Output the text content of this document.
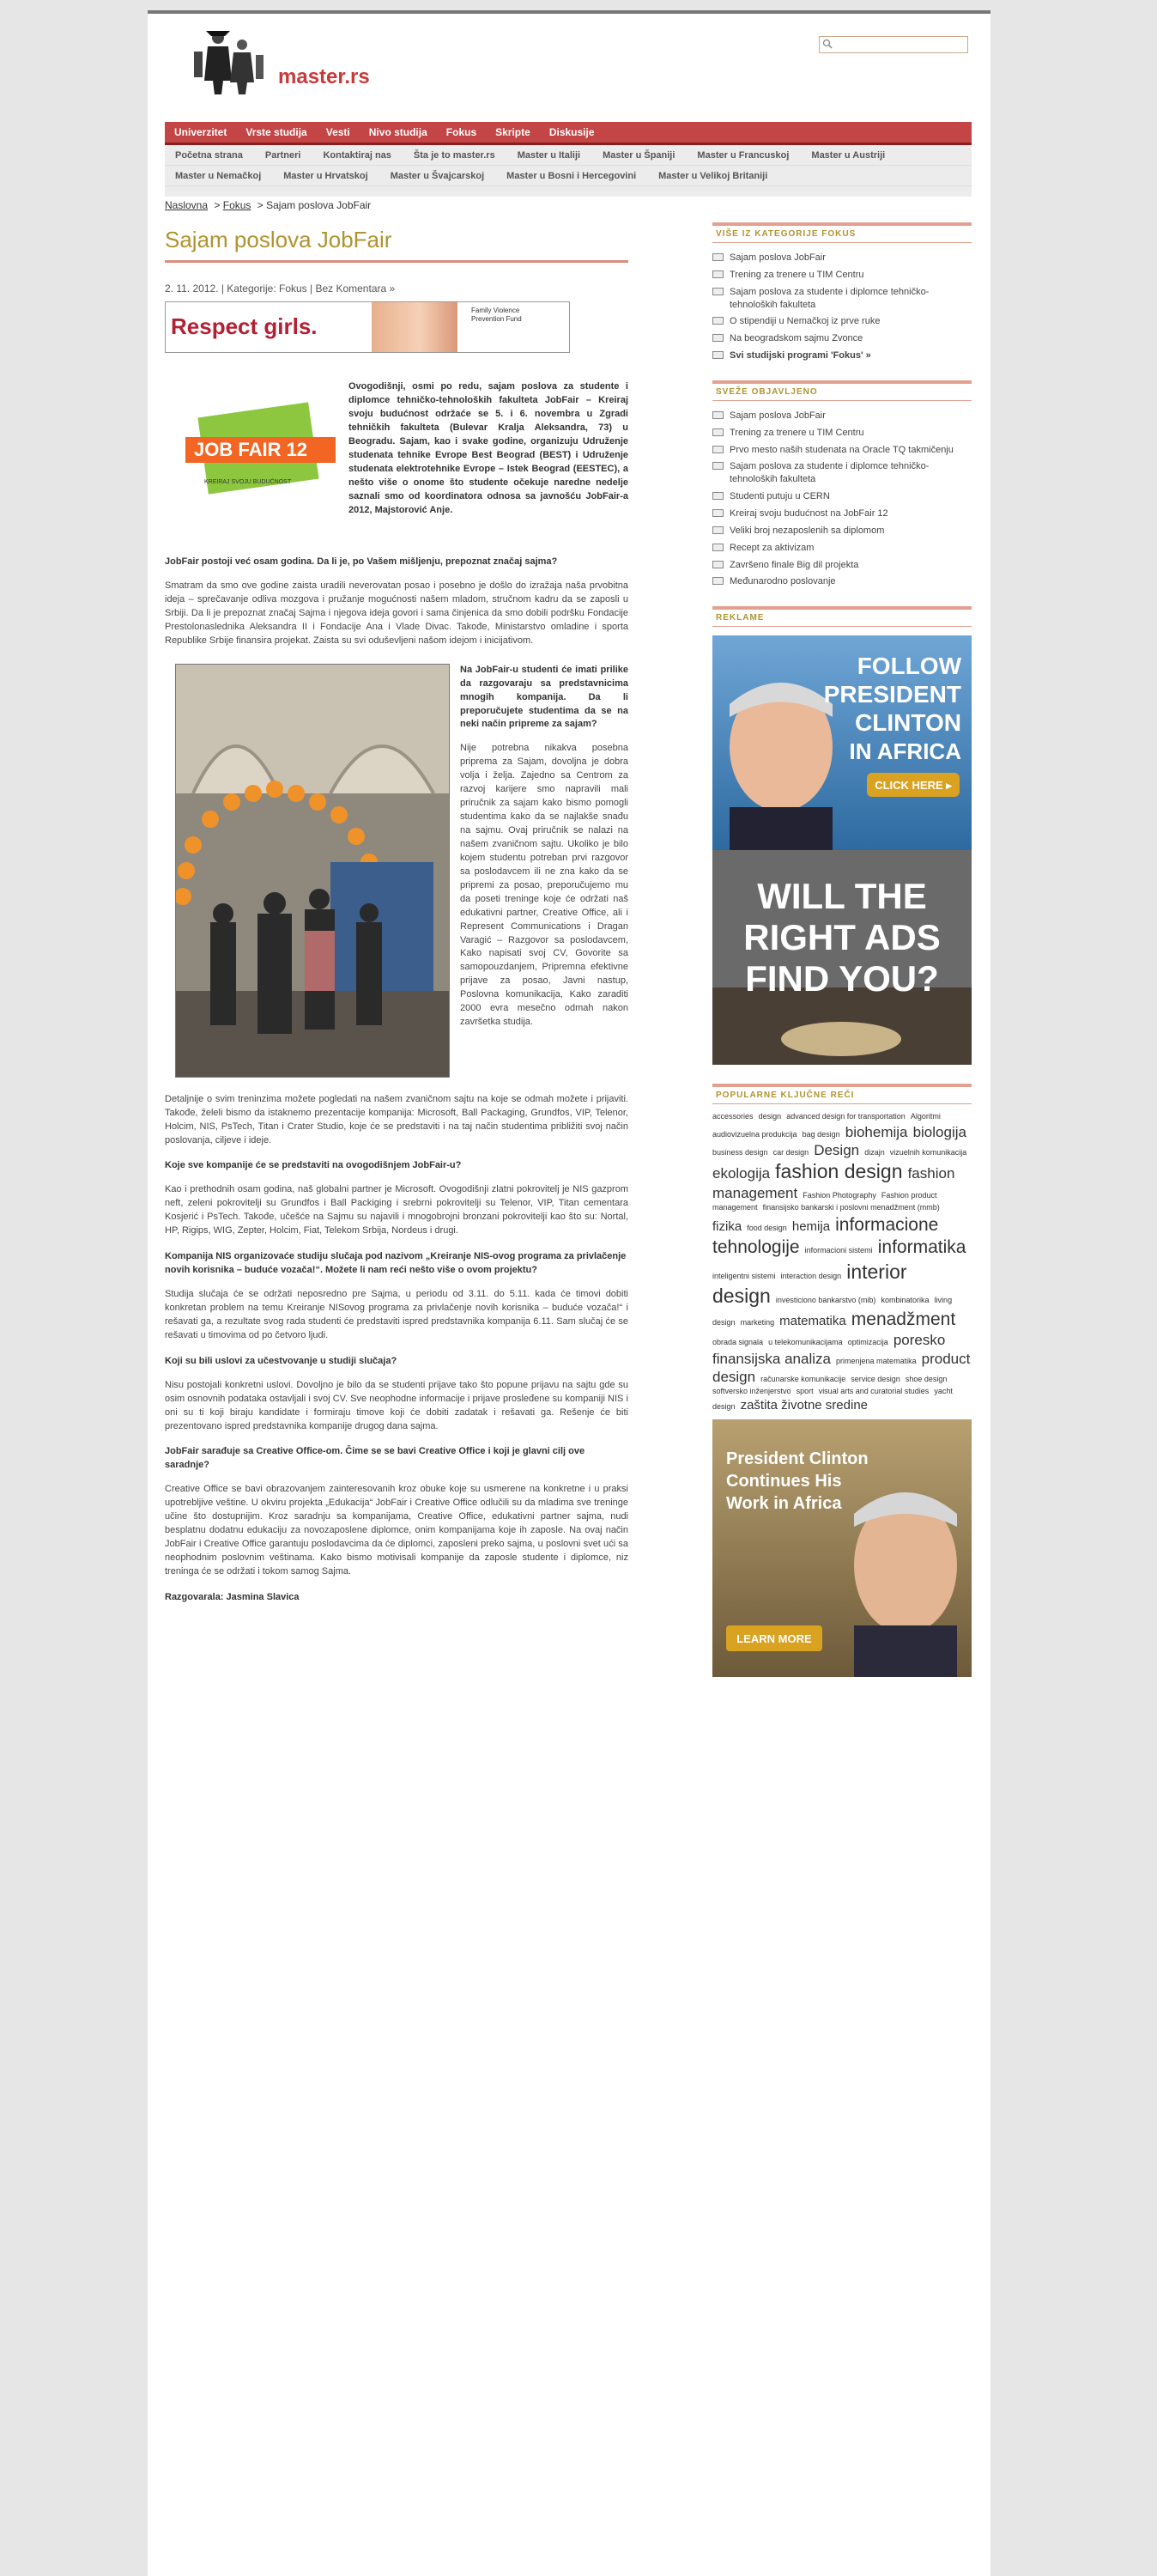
master.rs
Univerzitet Vrste studija Vesti Nivo studija Fokus Skripte Diskusije
Početna strana Partneri Kontaktiraj nas Šta je to master.rs Master u Italiji Master u Španiji Master u Francuskoj Master u Austriji
Master u Nemačkoj Master u Hrvatskoj Master u Švajcarskoj Master u Bosni i Hercegovini Master u Velikoj Britaniji
Naslovna > Fokus > Sajam poslova JobFair
Sajam poslova JobFair
2. 11. 2012. | Kategorije: Fokus | Bez Komentara »
Respect girls.
Family Violence Prevention Fund
JOB FAIR 12
KREIRAJ SVOJU BUDUĆNOST

Ovogodišnji, osmi po redu, sajam poslova za studente i diplomce tehničko-tehnoloških fakulteta JobFair – Kreiraj svoju budućnost održaće se 5. i 6. novembra u Zgradi tehničkih fakulteta (Bulevar Kralja Aleksandra, 73) u Beogradu. Sajam, kao i svake godine, organizuju Udruženje studenata tehnike Evrope Best Beograd (BEST) i Udruženje studenata elektrotehnike Evrope – Istek Beograd (EESTEC), a nešto više o onome što studente očekuje naredne nedelje saznali smo od koordinatora odnosa sa javnošću JobFair-a 2012, Majstorović Anje.

JobFair postoji već osam godina. Da li je, po Vašem mišljenju, prepoznat značaj sajma?
Smatram da smo ove godine zaista uradili neverovatan posao i posebno je došlo do izražaja naša prvobitna ideja – sprečavanje odliva mozgova i pružanje mogućnosti našem mladom, stručnom kadru da se zaposli u Srbiji. Da li je prepoznat značaj Sajma i njegova ideja govori i sama činjenica da smo dobili podršku Fondacije Prestolonaslednika Aleksandra II i Fondacije Ana i Vlade Divac. Takođe, Ministarstvo omladine i sporta Republike Srbije finansira projekat. Zaista su svi oduševljeni našom idejom i inicijativom.
Na JobFair-u studenti će imati prilike da razgovaraju sa predstavnicima mnogih kompanija. Da li preporučujete studentima da se na neki način pripreme za sajam?
Nije potrebna nikakva posebna priprema za Sajam, dovoljna je dobra volja i želja. Zajedno sa Centrom za razvoj karijere smo napravili mali priručnik za sajam kako bismo pomogli studentima kako da se najlakše snađu na sajmu. Ovaj priručnik se nalazi na našem zvaničnom sajtu. Ukoliko je bilo kojem studentu potreban prvi razgovor sa poslodavcem ili ne zna kako da se pripremi za posao, preporučujemo mu da poseti treninge koje će održati naš edukativni partner, Creative Office, ali i Represent Communications i Dragan Varagić – Razgovor sa poslodavcem, Kako napisati svoj CV, Govorite sa samopouzdanjem, Pripremna efektivne prijave za posao, Javni nastup, Poslovna komunikacija, Kako zaraditi 2000 evra mesečno odmah nakon završetka studija.
Detaljnije o svim treninzima možete pogledati na našem zvaničnom sajtu na koje se odmah možete i prijaviti. Takođe, želeli bismo da istaknemo prezentacije kompanija: Microsoft, Ball Packaging, Grundfos, VIP, Telenor, Holcim, NIS, PsTech, Titan i Crater Studio, koje će se predstaviti i na taj način studentima približiti svoj način poslovanja, ciljeve i ideje.
Koje sve kompanije će se predstaviti na ovogodišnjem JobFair-u?
Kao i prethodnih osam godina, naš globalni partner je Microsoft. Ovogodišnji zlatni pokrovitelj je NIS gazprom neft, zeleni pokrovitelji su Grundfos i Ball Packiging i srebrni pokrovitelji su Telenor, VIP, Titan cementara Kosjerić i PsTech. Takođe, učešće na Sajmu su najavili i mnogobrojni bronzani pokrovitelji kao što su: Nortal, HP, Rigips, WIG, Zepter, Holcim, Fiat, Telekom Srbija, Nordeus i drugi.
Kompanija NIS organizovaće studiju slučaja pod nazivom „Kreiranje NIS-ovog programa za privlačenje novih korisnika – buduće vozača!“. Možete li nam reći nešto više o ovom projektu?
Studija slučaja će se održati neposredno pre Sajma, u periodu od 3.11. do 5.11. kada će timovi dobiti konkretan problem na temu Kreiranje NISovog programa za privlačenje novih korisnika – buduće vozača!“ i rešavati ga, a rezultate svog rada studenti će predstaviti ispred predstavnika kompanija 6.11. Sam slučaj će se rešavati u timovima od po četvoro ljudi.
Koji su bili uslovi za učestvovanje u studiji slučaja?
Nisu postojali konkretni uslovi. Dovoljno je bilo da se studenti prijave tako što popune prijavu na sajtu gde su osim osnovnih podataka ostavljali i svoj CV. Sve neophodne informacije i prijave prosleđene su kompaniji NIS i oni su ti koji biraju kandidate i formiraju timove koji će dobiti zadatak i rešavati ga. Rešenje će biti prezentovano ispred predstavnika kompanije drugog dana sajma.
JobFair sarađuje sa Creative Office-om. Čime se se bavi Creative Office i koji je glavni cilj ove saradnje?
Creative Office se bavi obrazovanjem zainteresovanih kroz obuke koje su usmerene na konkretne i u praksi upotrebljive veštine. U okviru projekta „Edukacija“ JobFair i Creative Office odlučili su da mladima sve treninge učine što dostupnijim. Kroz saradnju sa kompanijama, Creative Office, edukativni partner sajma, nudi besplatnu dodatnu edukaciju za novozaposlene diplomce, onim kompanijama koje ih zaposle. Na ovaj način JobFair i Creative Office garantuju poslodavcima da će diplomci, zaposleni preko sajma, u poslovni svet ući sa neophodnim poslovnim veštinama. Kako bismo motivisali kompanije da zaposle studente i diplomce, niz treninga će se održati i tokom samog Sajma.
Razgovarala: Jasmina Slavica
VIŠE IZ KATEGORIJE FOKUS
Sajam poslova JobFair
Trening za trenere u TIM Centru
Sajam poslova za studente i diplomce tehničko-tehnoloških fakulteta
O stipendiji u Nemačkoj iz prve ruke
Na beogradskom sajmu Zvonce
Svi studijski programi 'Fokus' »
SVEŽE OBJAVLJENO
Sajam poslova JobFair
Trening za trenere u TIM Centru
Prvo mesto naših studenata na Oracle TQ takmičenju
Sajam poslova za studente i diplomce tehničko-tehnoloških fakulteta
Studenti putuju u CERN
Kreiraj svoju budućnost na JobFair 12
Veliki broj nezaposlenih sa diplomom
Recept za aktivizam
Završeno finale Big dil projekta
Međunarodno poslovanje
REKLAME
FOLLOW
PRESIDENT
CLINTON
IN AFRICA
CLICK HERE ▸
WILL THE
RIGHT ADS
FIND YOU?
POPULARNE KLJUČNE REČI
accessories design advanced design for transportation Algoritmi audiovizuelna produkcija bag design biohemija biologija business design car design Design dizajn vizuelnih komunikacija ekologija fashion design fashion management Fashion Photography Fashion product management finansijsko bankarski i poslovni menadžment (mmb) fizika food design hemija informacione tehnologije informacioni sistemi informatika inteligentni sistemi interaction design interior design investiciono bankarstvo (mib) kombinatorika living design marketing matematika menadžment obrada signala u telekomunikacijama optimizacija poresko finansijska analiza primenjena matematika product design računarske komunikacije service design shoe design softversko inženjerstvo sport visual arts and curatorial studies yacht design zaštita životne sredine
President Clinton
Continues His
Work in Africa
LEARN MORE
